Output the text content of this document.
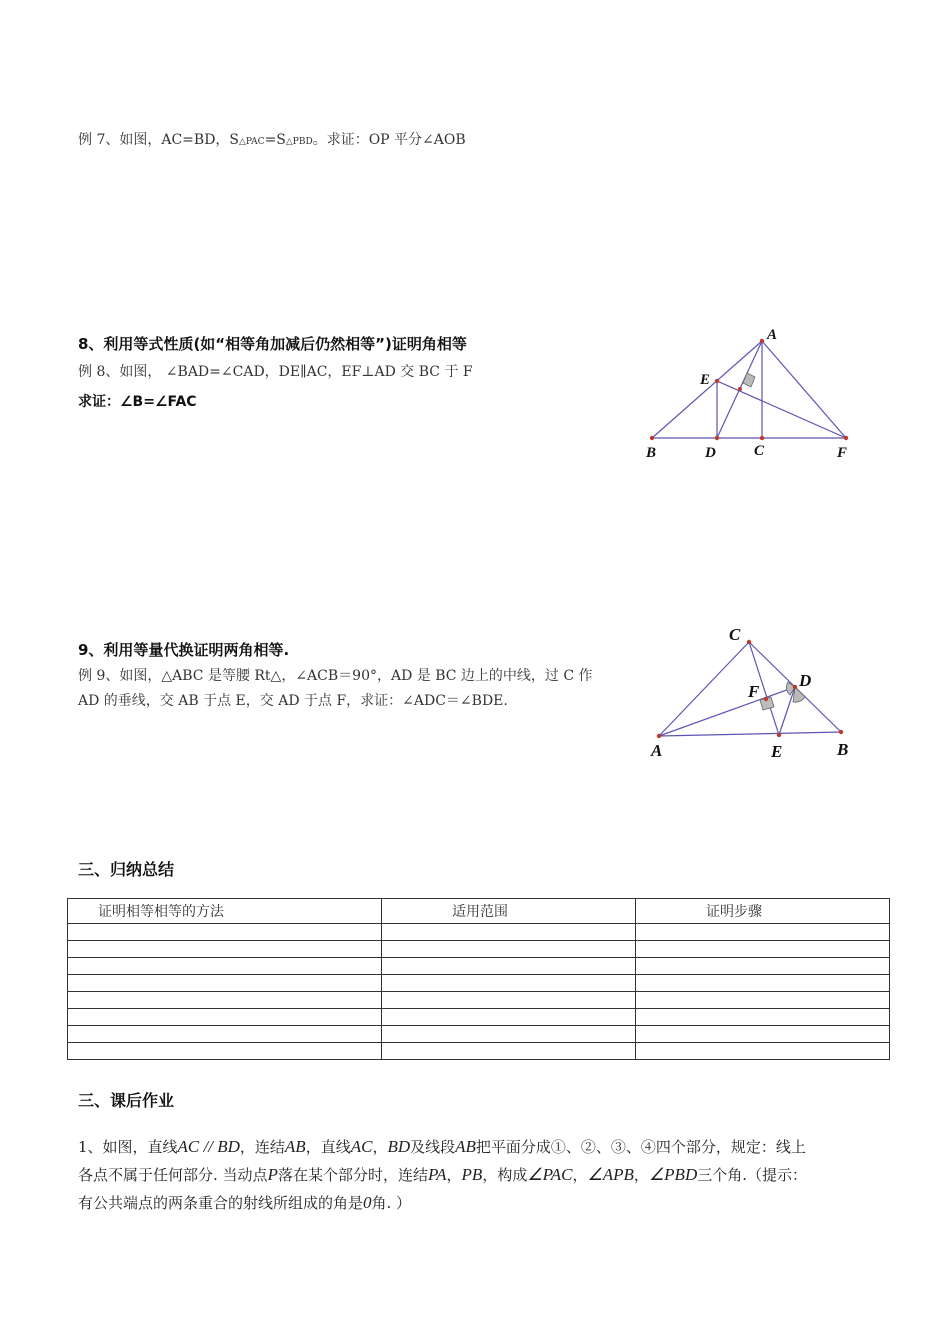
例 7、如图，AC=BD，S△PAC=S△PBD。求证：OP 平分∠AOB
8、利用等式性质(如“相等角加减后仍然相等”)证明角相等
例 8、如图， ∠BAD=∠CAD，DE∥AC，EF⊥AD 交 BC 于 F
求证：∠B=∠FAC
A
E
B	D	C	F
9、利用等量代换证明两角相等.
例 9、如图，△ABC 是等腰 Rt△，∠ACB＝90°，AD 是 BC 边上的中线，过 C 作
AD 的垂线，交 AB 于点 E，交 AD 于点 F，求证：∠ADC＝∠BDE.
C
D
F
A	E	B
三、归纳总结
证明相等相等的方法	适用范围	证明步骤

三、课后作业
1、如图，直线AC // BD，连结AB，直线AC，BD及线段AB把平面分成①、②、③、④四个部分，规定：线上
各点不属于任何部分. 当动点P落在某个部分时，连结PA，PB，构成∠PAC，∠APB，∠PBD三个角.（提示：
有公共端点的两条重合的射线所组成的角是0角. ）
